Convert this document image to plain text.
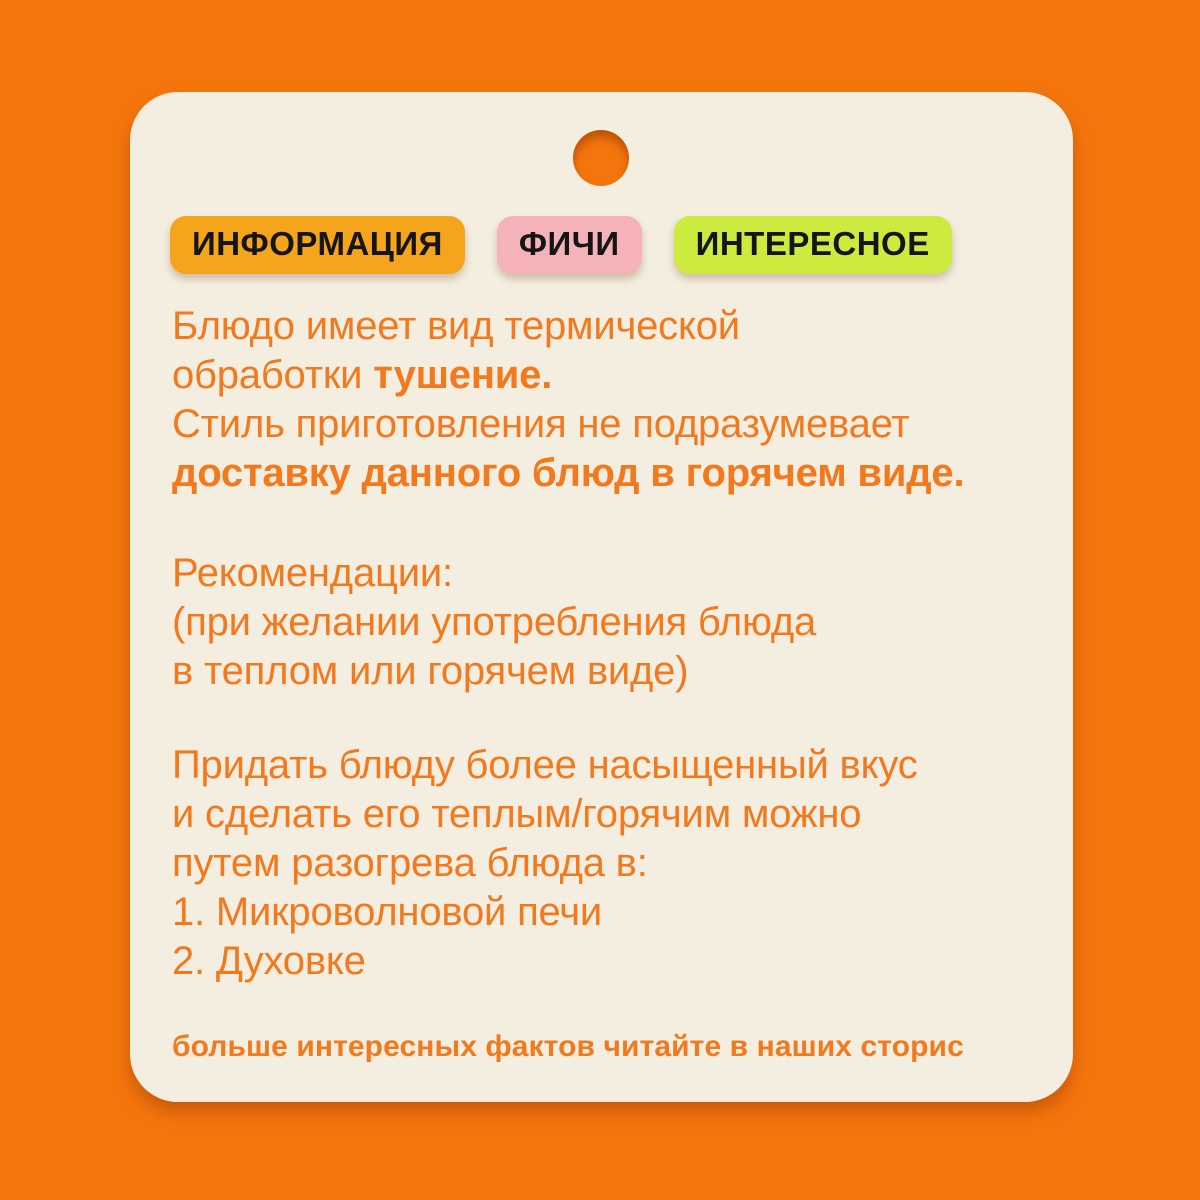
ИНФОРМАЦИЯ	ФИЧИ	ИНТЕРЕСНОЕ
Блюдо имеет вид термической
обработки тушение.
Стиль приготовления не подразумевает
доставку данного блюд в горячем виде.
Рекомендации:
(при желании употребления блюда
в теплом или горячем виде)
Придать блюду более насыщенный вкус
и сделать его теплым/горячим можно
путем разогрева блюда в:
1. Микроволновой печи
2. Духовке
больше интересных фактов читайте в наших сторис
